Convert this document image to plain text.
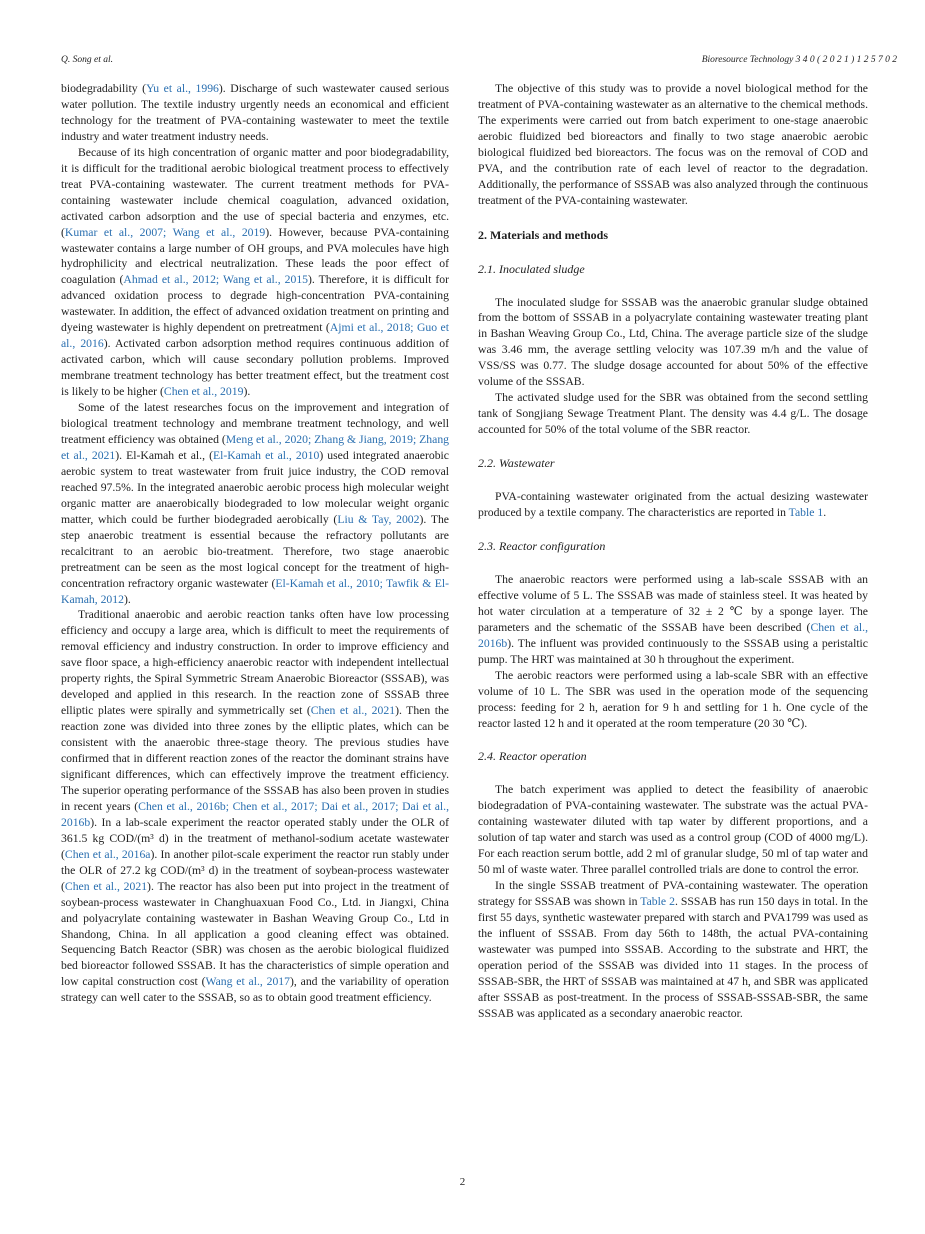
Q. Song et al.	Bioresource Technology 3 4 0 ( 2 0 2 1 ) 1 2 5 7 0 2

biodegradability (Yu et al., 1996). Discharge of such wastewater caused serious water pollution. The textile industry urgently needs an economical and efficient technology for the treatment of PVA-containing wastewater to meet the textile industry and water treatment industry needs.

Because of its high concentration of organic matter and poor biodegradability, it is difficult for the traditional aerobic biological treatment process to effectively treat PVA-containing wastewater. The current treatment methods for PVA-containing wastewater include chemical coagulation, advanced oxidation, activated carbon adsorption and the use of special bacteria and enzymes, etc. (Kumar et al., 2007; Wang et al., 2019). However, because PVA-containing wastewater contains a large number of OH groups, and PVA molecules have high hydrophilicity and electrical neutralization. These leads the poor effect of coagulation (Ahmad et al., 2012; Wang et al., 2015). Therefore, it is difficult for advanced oxidation process to degrade high-concentration PVA-containing wastewater. In addition, the effect of advanced oxidation treatment on printing and dyeing wastewater is highly dependent on pretreatment (Ajmi et al., 2018; Guo et al., 2016). Activated carbon adsorption method requires continuous addition of activated carbon, which will cause secondary pollution problems. Improved membrane treatment technology has better treatment effect, but the treatment cost is likely to be higher (Chen et al., 2019).

Some of the latest researches focus on the improvement and integration of biological treatment technology and membrane treatment technology, and well treatment efficiency was obtained (Meng et al., 2020; Zhang & Jiang, 2019; Zhang et al., 2021). El-Kamah et al., (El-Kamah et al., 2010) used integrated anaerobic aerobic system to treat wastewater from fruit juice industry, the COD removal reached 97.5%. In the integrated anaerobic aerobic process high molecular weight organic matter are anaerobically biodegraded to low molecular weight organic matter, which could be further biodegraded aerobically (Liu & Tay, 2002). The step anaerobic treatment is essential because the refractory pollutants are recalcitrant to an aerobic bio-treatment. Therefore, two stage anaerobic pretreatment can be seen as the most logical concept for the treatment of high-concentration refractory organic wastewater (El-Kamah et al., 2010; Tawfik & El-Kamah, 2012).

Traditional anaerobic and aerobic reaction tanks often have low processing efficiency and occupy a large area, which is difficult to meet the requirements of removal efficiency and industry construction. In order to improve efficiency and save floor space, a high-efficiency anaerobic reactor with independent intellectual property rights, the Spiral Symmetric Stream Anaerobic Bioreactor (SSSAB), was developed and applied in this research. In the reaction zone of SSSAB three elliptic plates were spirally and symmetrically set (Chen et al., 2021). Then the reaction zone was divided into three zones by the elliptic plates, which can be consistent with the anaerobic three-stage theory. The previous studies have confirmed that in different reaction zones of the reactor the dominant strains have significant differences, which can effectively improve the treatment efficiency. The superior operating performance of the SSSAB has also been proven in studies in recent years (Chen et al., 2016b; Chen et al., 2017; Dai et al., 2017; Dai et al., 2016b). In a lab-scale experiment the reactor operated stably under the OLR of 361.5 kg COD/(m³ d) in the treatment of methanol-sodium acetate wastewater (Chen et al., 2016a). In another pilot-scale experiment the reactor run stably under the OLR of 27.2 kg COD/(m³ d) in the treatment of soybean-process wastewater (Chen et al., 2021). The reactor has also been put into project in the treatment of soybean-process wastewater in Changhuaxuan Food Co., Ltd. in Jiangxi, China and polyacrylate containing wastewater in Bashan Weaving Group Co., Ltd in Shandong, China. In all application a good cleaning effect was obtained. Sequencing Batch Reactor (SBR) was chosen as the aerobic biological fluidized bed bioreactor followed SSSAB. It has the characteristics of simple operation and low capital construction cost (Wang et al., 2017), and the variability of operation strategy can well cater to the SSSAB, so as to obtain good treatment efficiency.

The objective of this study was to provide a novel biological method for the treatment of PVA-containing wastewater as an alternative to the chemical methods. The experiments were carried out from batch experiment to one-stage anaerobic aerobic fluidized bed bioreactors and finally to two stage anaerobic aerobic biological fluidized bed bioreactors. The focus was on the removal of COD and PVA, and the contribution rate of each level of reactor to the degradation. Additionally, the performance of SSSAB was also analyzed through the continuous treatment of the PVA-containing wastewater.

2. Materials and methods
2.1. Inoculated sludge

The inoculated sludge for SSSAB was the anaerobic granular sludge obtained from the bottom of SSSAB in a polyacrylate containing wastewater treating plant in Bashan Weaving Group Co., Ltd, China. The average particle size of the sludge was 3.46 mm, the average settling velocity was 107.39 m/h and the value of VSS/SS was 0.77. The sludge dosage accounted for about 50% of the effective volume of the SSSAB.

The activated sludge used for the SBR was obtained from the second settling tank of Songjiang Sewage Treatment Plant. The density was 4.4 g/L. The dosage accounted for 50% of the total volume of the SBR reactor.

2.2. Wastewater

PVA-containing wastewater originated from the actual desizing wastewater produced by a textile company. The characteristics are reported in Table 1.

2.3. Reactor configuration

The anaerobic reactors were performed using a lab-scale SSSAB with an effective volume of 5 L. The SSSAB was made of stainless steel. It was heated by hot water circulation at a temperature of 32 ± 2 ℃ by a sponge layer. The parameters and the schematic of the SSSAB have been described (Chen et al., 2016b). The influent was provided continuously to the SSSAB using a peristaltic pump. The HRT was maintained at 30 h throughout the experiment.

The aerobic reactors were performed using a lab-scale SBR with an effective volume of 10 L. The SBR was used in the operation mode of the sequencing process: feeding for 2 h, aeration for 9 h and settling for 1 h. One cycle of the reactor lasted 12 h and it operated at the room temperature (20 30 ℃).

2.4. Reactor operation

The batch experiment was applied to detect the feasibility of anaerobic biodegradation of PVA-containing wastewater. The substrate was the actual PVA-containing wastewater diluted with tap water by different proportions, and a solution of tap water and starch was used as a control group (COD of 4000 mg/L). For each reaction serum bottle, add 2 ml of granular sludge, 50 ml of tap water and 50 ml of waste water. Three parallel controlled trials are done to control the error.

In the single SSSAB treatment of PVA-containing wastewater. The operation strategy for SSSAB was shown in Table 2. SSSAB has run 150 days in total. In the first 55 days, synthetic wastewater prepared with starch and PVA1799 was used as the influent of SSSAB. From day 56th to 148th, the actual PVA-containing wastewater was pumped into SSSAB. According to the substrate and HRT, the operation period of the SSSAB was divided into 11 stages. In the process of SSSAB-SBR, the HRT of SSSAB was maintained at 47 h, and SBR was applicated after SSSAB as post-treatment. In the process of SSSAB-SSSAB-SBR, the same SSSAB was applicated as a secondary anaerobic reactor.

2
